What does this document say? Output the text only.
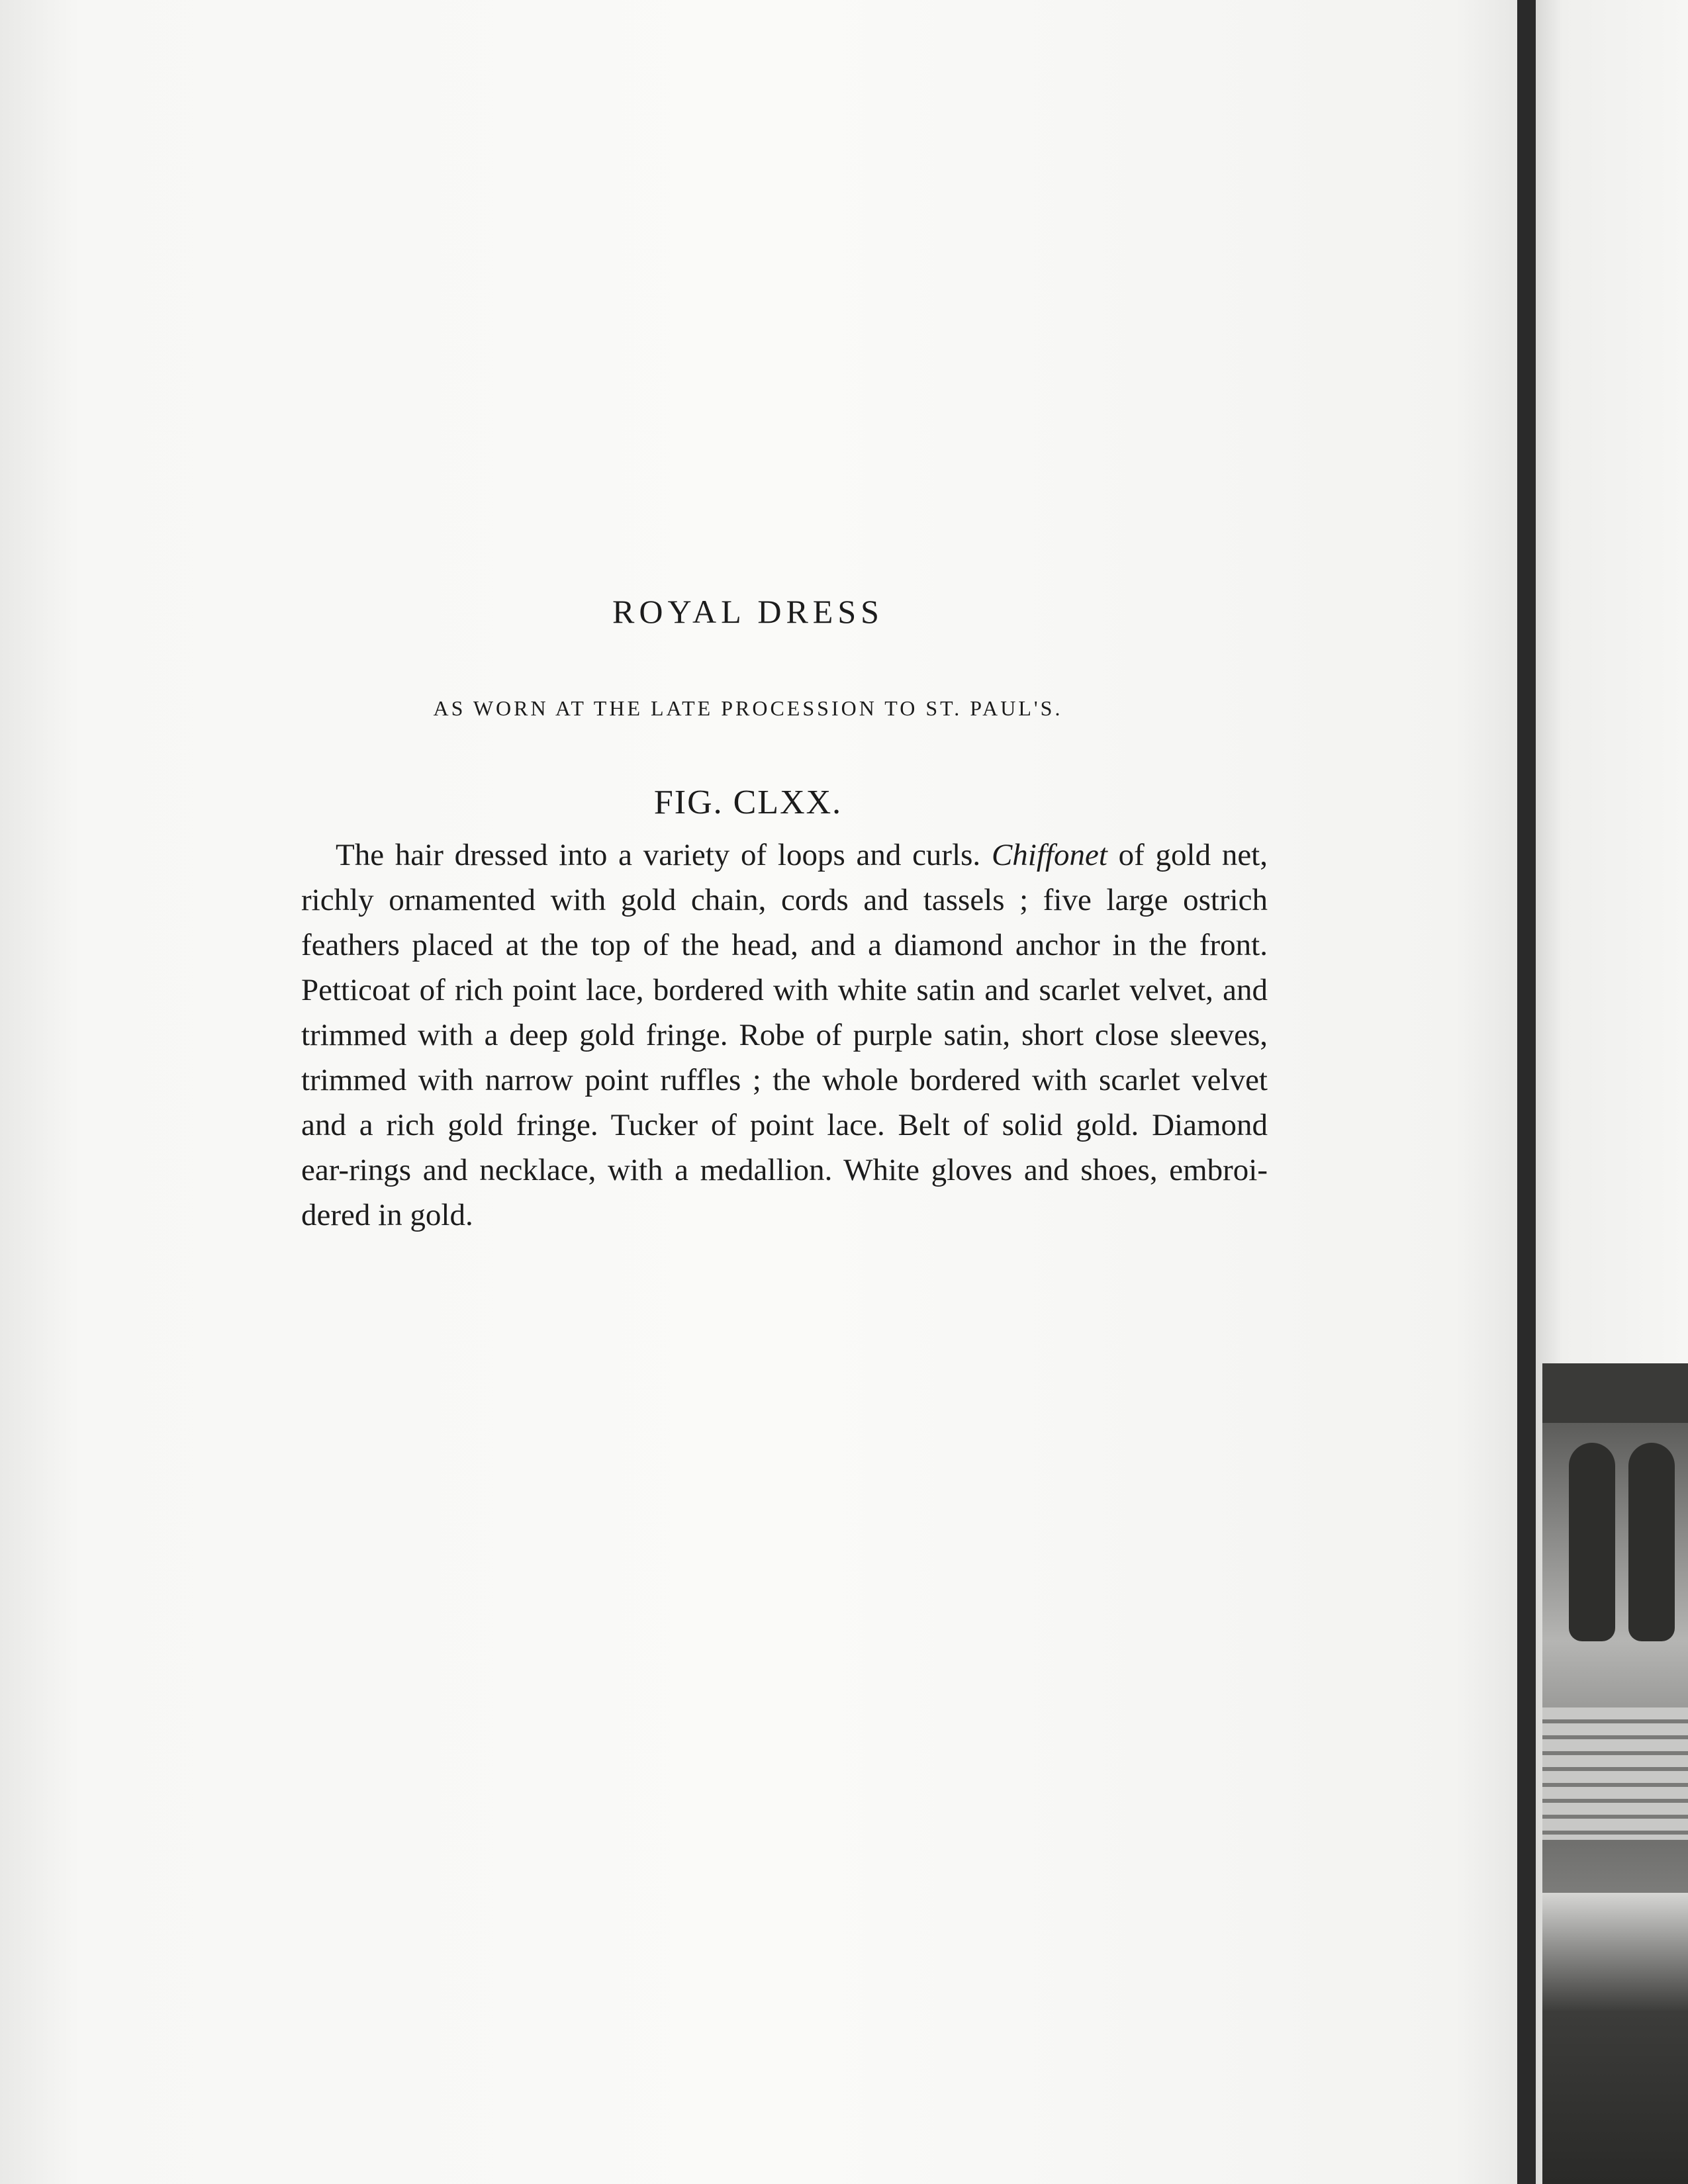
ROYAL DRESS
AS WORN AT THE LATE PROCESSION TO ST. PAUL'S.
FIG. CLXX.
The hair dressed into a variety of loops and curls. Chiffonet of gold net,
richly ornamented with gold chain, cords and tassels ; five large ostrich
feathers placed at the top of the head, and a diamond anchor in the front.
Petticoat of rich point lace, bordered with white satin and scarlet velvet, and
trimmed with a deep gold fringe. Robe of purple satin, short close sleeves,
trimmed with narrow point ruffles ; the whole bordered with scarlet velvet
and a rich gold fringe. Tucker of point lace. Belt of solid gold. Diamond
ear-rings and necklace, with a medallion. White gloves and shoes, embroi-
dered in gold.
